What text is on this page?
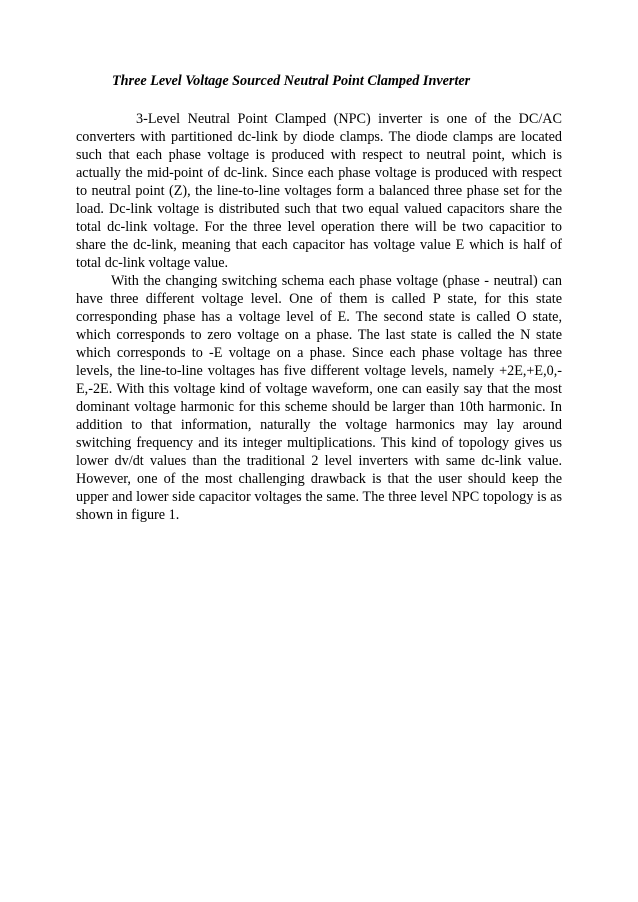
Three Level Voltage Sourced Neutral Point Clamped Inverter

3-Level Neutral Point Clamped (NPC) inverter is one of the DC/AC converters with partitioned dc-link by diode clamps. The diode clamps are located such that each phase voltage is produced with respect to neutral point, which is actually the mid-point of dc-link. Since each phase voltage is produced with respect to neutral point (Z), the line-to-line voltages form a balanced three phase set for the load. Dc-link voltage is distributed such that two equal valued capacitors share the total dc-link voltage. For the three level operation there will be two capacitior to share the dc-link, meaning that each capacitor has voltage value E which is half of total dc-link voltage value.

With the changing switching schema each phase voltage (phase - neutral) can have three different voltage level. One of them is called P state, for this state corresponding phase has a voltage level of E. The second state is called O state, which corresponds to zero voltage on a phase. The last state is called the N state which corresponds to -E voltage on a phase. Since each phase voltage has three levels, the line-to-line voltages has five different voltage levels, namely +2E,+E,0,-E,-2E. With this voltage kind of voltage waveform, one can easily say that the most dominant voltage harmonic for this scheme should be larger than 10th harmonic. In addition to that information, naturally the voltage harmonics may lay around switching frequency and its integer multiplications. This kind of topology gives us lower dv/dt values than the traditional 2 level inverters with same dc-link value. However, one of the most challenging drawback is that the user should keep the upper and lower side capacitor voltages the same. The three level NPC topology is as shown in figure 1.
